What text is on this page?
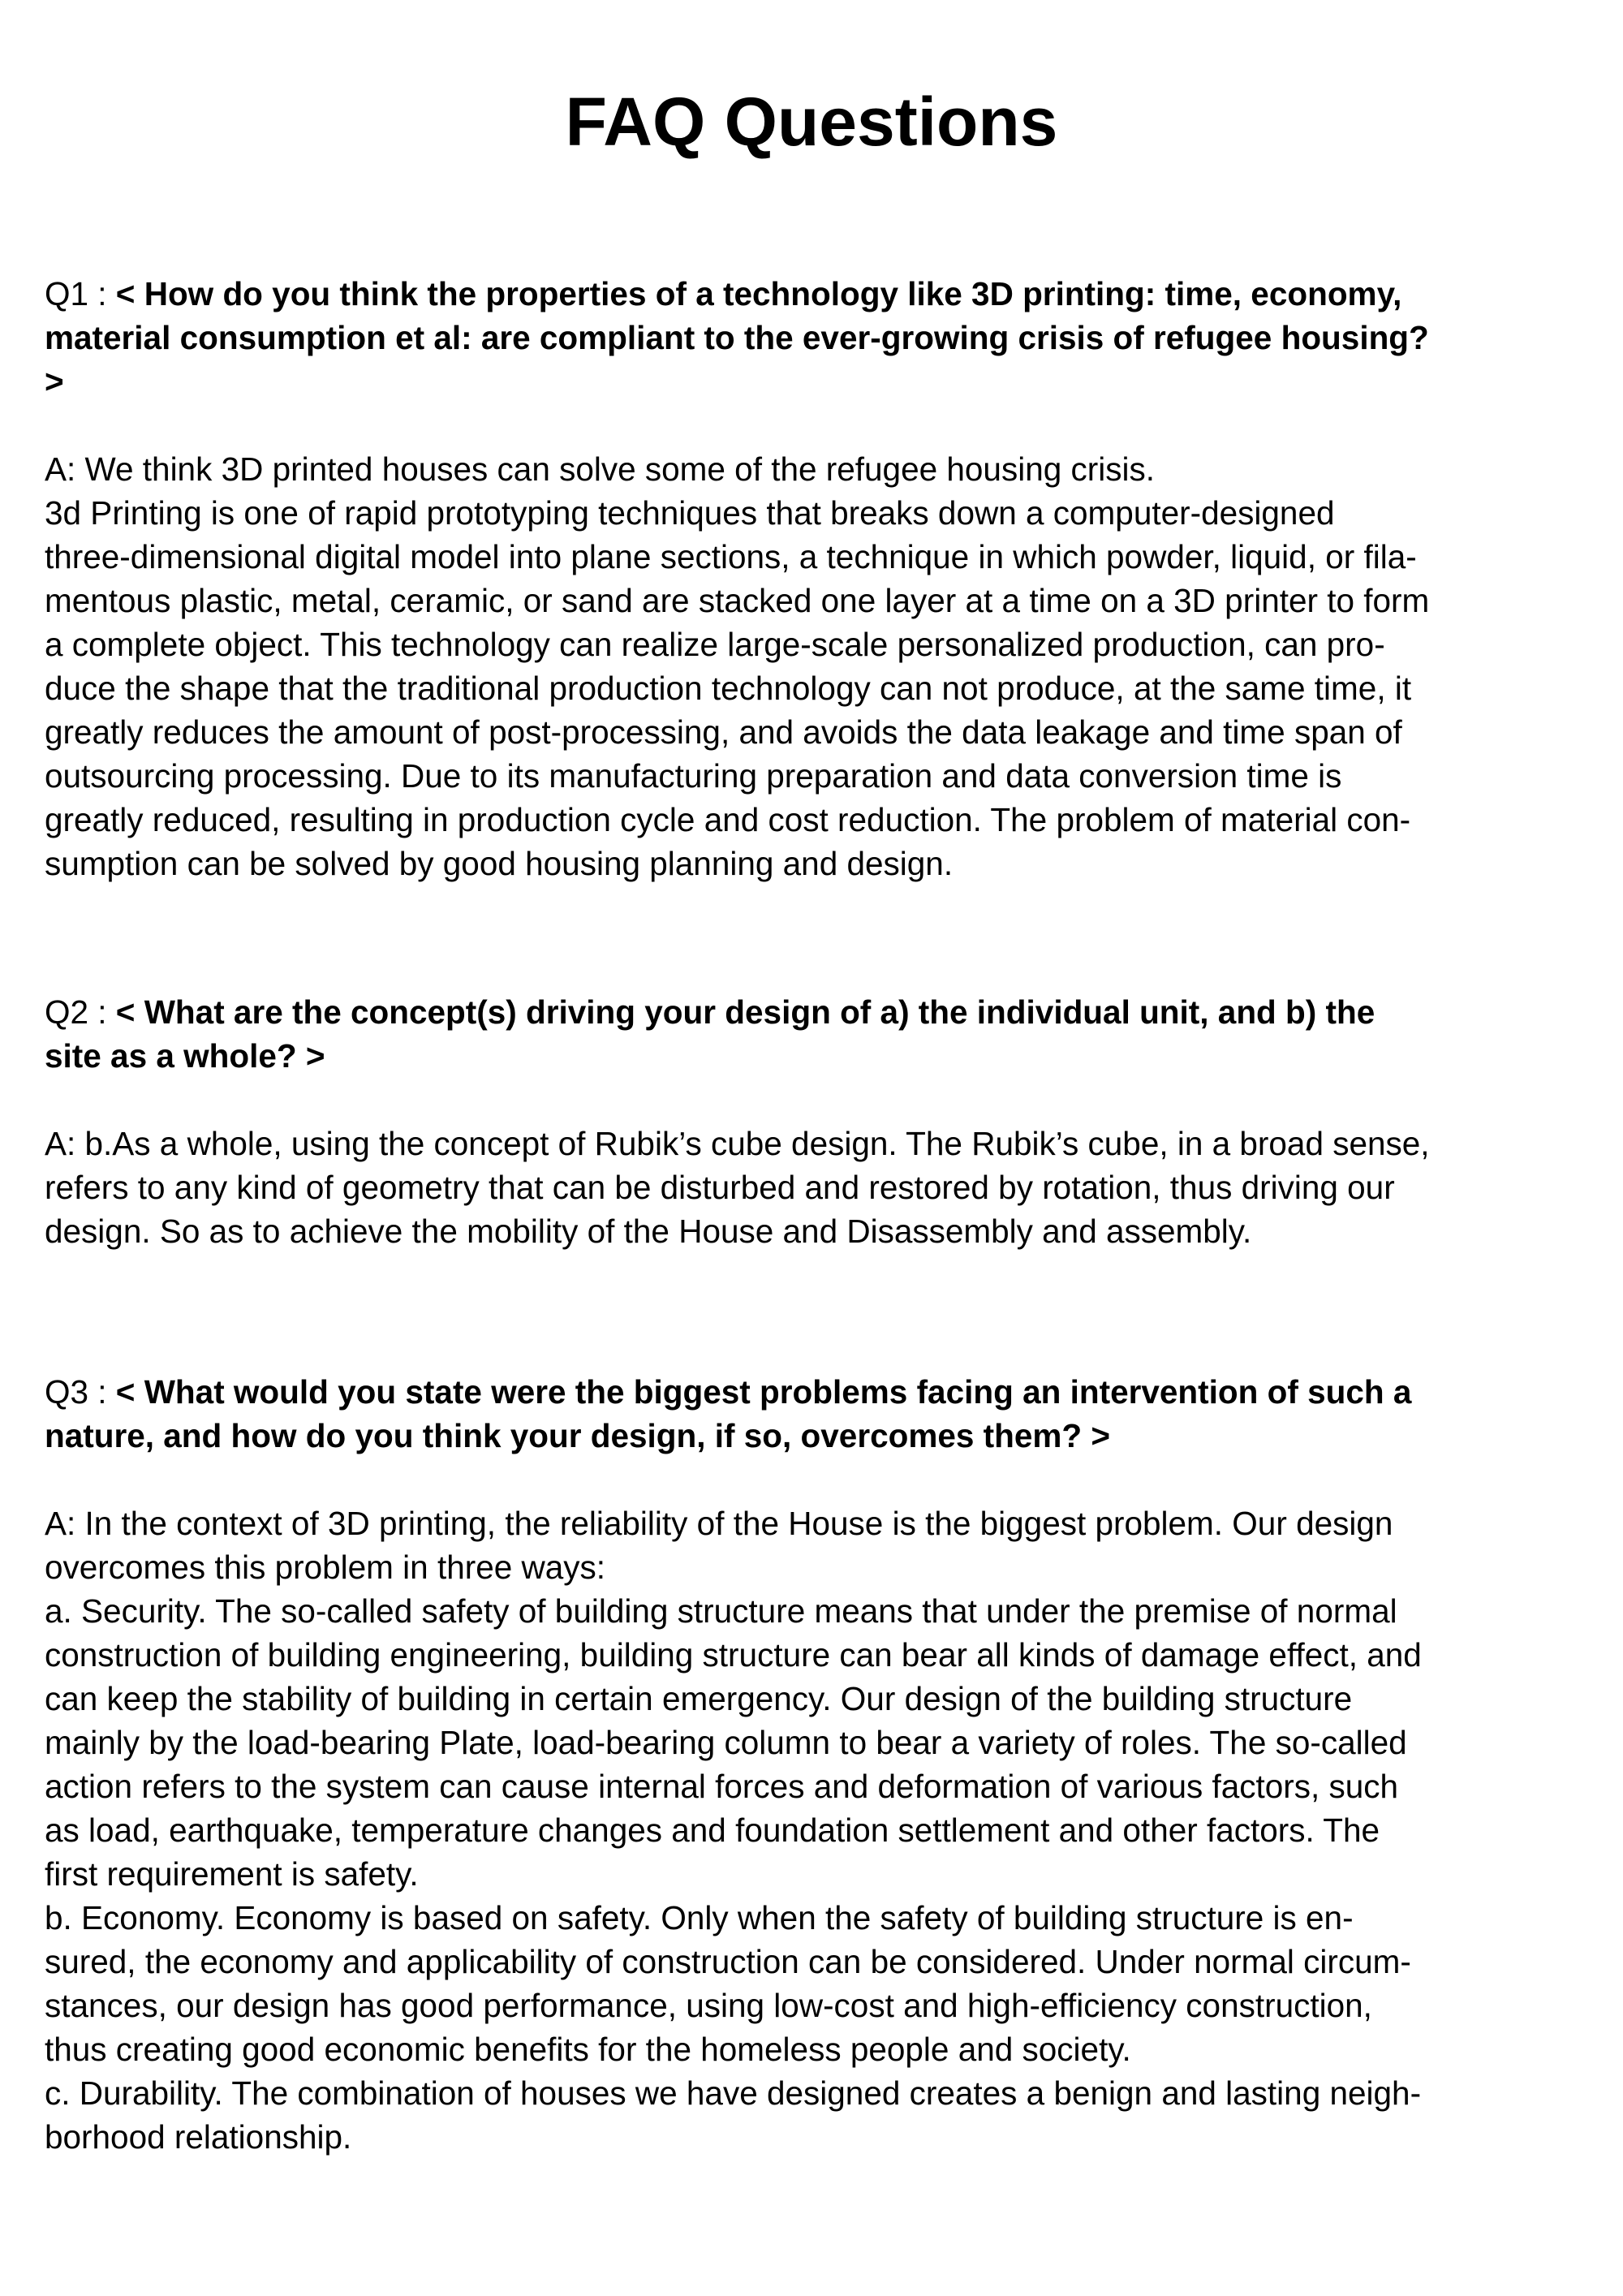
FAQ Questions
Q1 : < How do you think the properties of a technology like 3D printing: time, economy,
material consumption et al: are compliant to the ever-growing crisis of refugee housing?
>
A: We think 3D printed houses can solve some of the refugee housing crisis.
3d Printing is one of rapid prototyping techniques that breaks down a computer-designed
three-dimensional digital model into plane sections, a technique in which powder, liquid, or fila-
mentous plastic, metal, ceramic, or sand are stacked one layer at a time on a 3D printer to form
a complete object. This technology can realize large-scale personalized production, can pro-
duce the shape that the traditional production technology can not produce, at the same time, it
greatly reduces the amount of post-processing, and avoids the data leakage and time span of
outsourcing processing. Due to its manufacturing preparation and data conversion time is
greatly reduced, resulting in production cycle and cost reduction. The problem of material con-
sumption can be solved by good housing planning and design.
Q2 : < What are the concept(s) driving your design of a) the individual unit, and b) the
site as a whole? >
A: b.As a whole, using the concept of Rubik’s cube design. The Rubik’s cube, in a broad sense,
refers to any kind of geometry that can be disturbed and restored by rotation, thus driving our
design. So as to achieve the mobility of the House and Disassembly and assembly.
Q3 : < What would you state were the biggest problems facing an intervention of such a
nature, and how do you think your design, if so, overcomes them? >
A: In the context of 3D printing, the reliability of the House is the biggest problem. Our design
overcomes this problem in three ways:
a. Security. The so-called safety of building structure means that under the premise of normal
construction of building engineering, building structure can bear all kinds of damage effect, and
can keep the stability of building in certain emergency. Our design of the building structure
mainly by the load-bearing Plate, load-bearing column to bear a variety of roles. The so-called
action refers to the system can cause internal forces and deformation of various factors, such
as load, earthquake, temperature changes and foundation settlement and other factors. The
first requirement is safety.
b. Economy. Economy is based on safety. Only when the safety of building structure is en-
sured, the economy and applicability of construction can be considered. Under normal circum-
stances, our design has good performance, using low-cost and high-efficiency construction,
thus creating good economic benefits for the homeless people and society.
c. Durability. The combination of houses we have designed creates a benign and lasting neigh-
borhood relationship.
